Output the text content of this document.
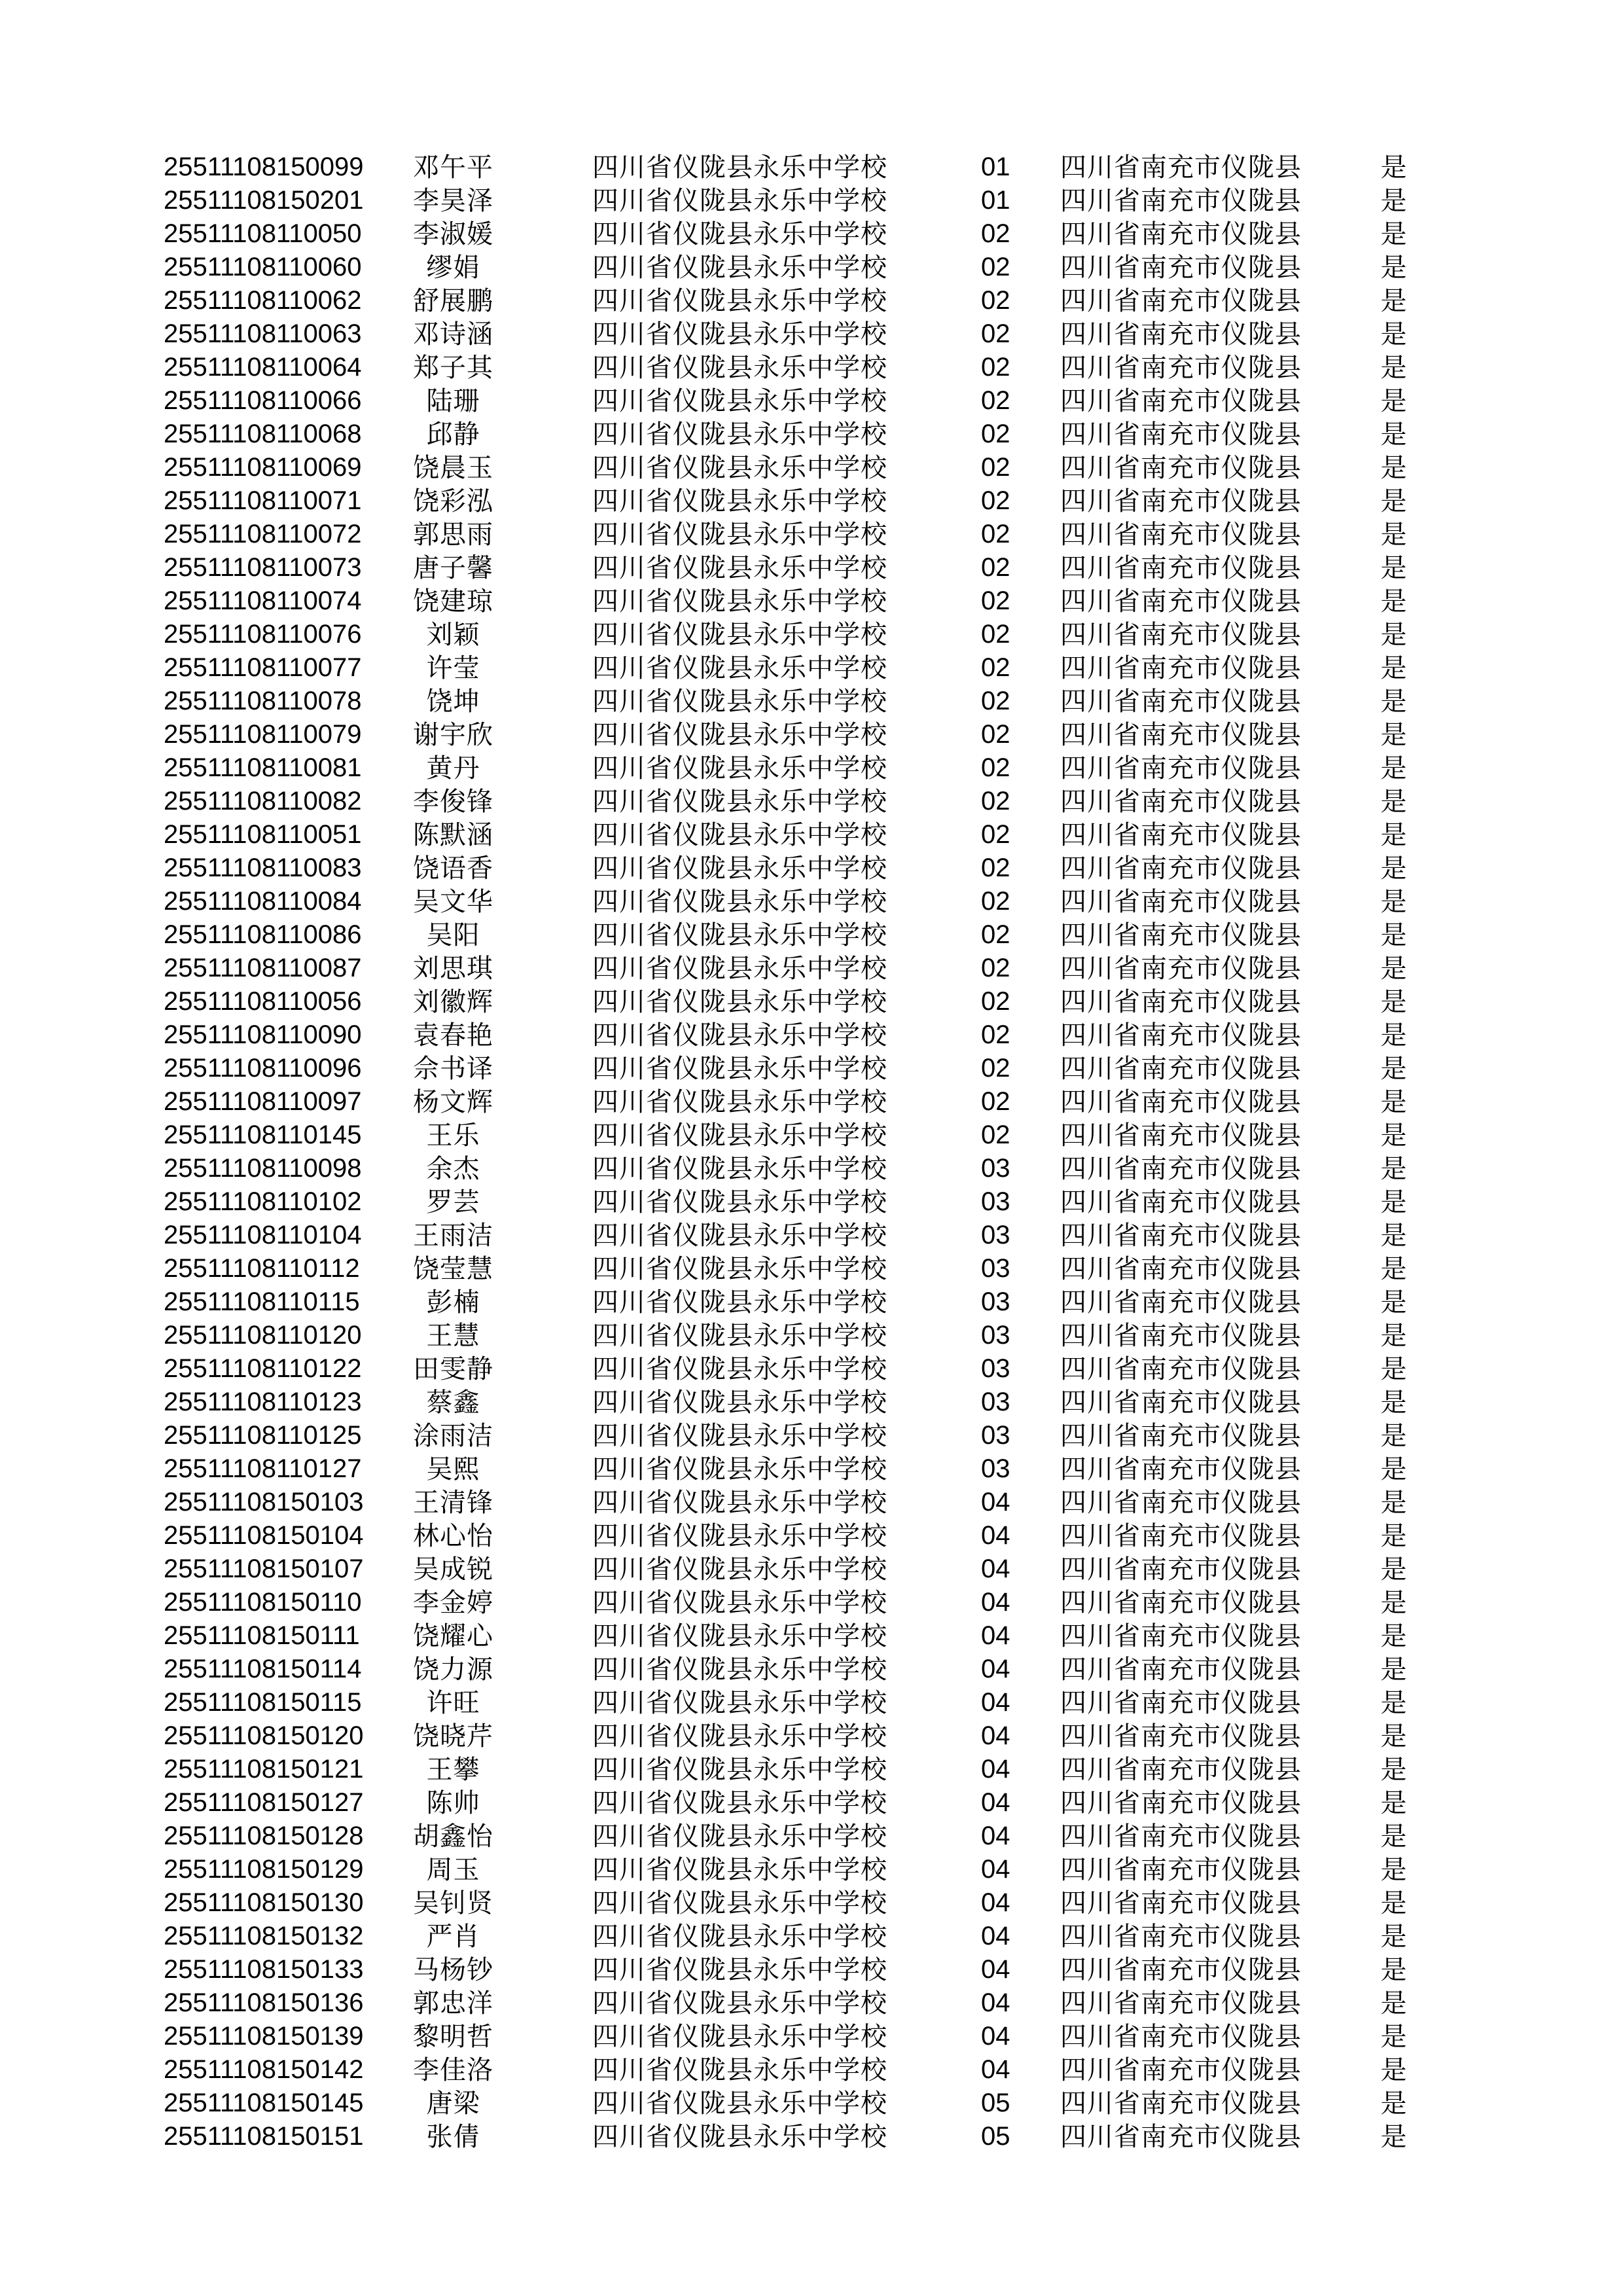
25511108150099	邓午平	四川省仪陇县永乐中学校	01 四川省南充市仪陇县	是
25511108150201	李昊泽	四川省仪陇县永乐中学校	01 四川省南充市仪陇县	是
25511108110050	李淑媛	四川省仪陇县永乐中学校	02 四川省南充市仪陇县	是
25511108110060	缪娟	四川省仪陇县永乐中学校	02 四川省南充市仪陇县	是
25511108110062	舒展鹏	四川省仪陇县永乐中学校	02 四川省南充市仪陇县	是
25511108110063	邓诗涵	四川省仪陇县永乐中学校	02 四川省南充市仪陇县	是
25511108110064	郑子其	四川省仪陇县永乐中学校	02 四川省南充市仪陇县	是
25511108110066	陆珊	四川省仪陇县永乐中学校	02 四川省南充市仪陇县	是
25511108110068	邱静	四川省仪陇县永乐中学校	02 四川省南充市仪陇县	是
25511108110069	饶晨玉	四川省仪陇县永乐中学校	02 四川省南充市仪陇县	是
25511108110071	饶彩泓	四川省仪陇县永乐中学校	02 四川省南充市仪陇县	是
25511108110072	郭思雨	四川省仪陇县永乐中学校	02 四川省南充市仪陇县	是
25511108110073	唐子馨	四川省仪陇县永乐中学校	02 四川省南充市仪陇县	是
25511108110074	饶建琼	四川省仪陇县永乐中学校	02 四川省南充市仪陇县	是
25511108110076	刘颖	四川省仪陇县永乐中学校	02 四川省南充市仪陇县	是
25511108110077	许莹	四川省仪陇县永乐中学校	02 四川省南充市仪陇县	是
25511108110078	饶坤	四川省仪陇县永乐中学校	02 四川省南充市仪陇县	是
25511108110079	谢宇欣	四川省仪陇县永乐中学校	02 四川省南充市仪陇县	是
25511108110081	黄丹	四川省仪陇县永乐中学校	02 四川省南充市仪陇县	是
25511108110082	李俊锋	四川省仪陇县永乐中学校	02 四川省南充市仪陇县	是
25511108110051	陈默涵	四川省仪陇县永乐中学校	02 四川省南充市仪陇县	是
25511108110083	饶语香	四川省仪陇县永乐中学校	02 四川省南充市仪陇县	是
25511108110084	吴文华	四川省仪陇县永乐中学校	02 四川省南充市仪陇县	是
25511108110086	吴阳	四川省仪陇县永乐中学校	02 四川省南充市仪陇县	是
25511108110087	刘思琪	四川省仪陇县永乐中学校	02 四川省南充市仪陇县	是
25511108110056	刘徽辉	四川省仪陇县永乐中学校	02 四川省南充市仪陇县	是
25511108110090	袁春艳	四川省仪陇县永乐中学校	02 四川省南充市仪陇县	是
25511108110096	佘书译	四川省仪陇县永乐中学校	02 四川省南充市仪陇县	是
25511108110097	杨文辉	四川省仪陇县永乐中学校	02 四川省南充市仪陇县	是
25511108110145	王乐	四川省仪陇县永乐中学校	02 四川省南充市仪陇县	是
25511108110098	余杰	四川省仪陇县永乐中学校	03 四川省南充市仪陇县	是
25511108110102	罗芸	四川省仪陇县永乐中学校	03 四川省南充市仪陇县	是
25511108110104	王雨洁	四川省仪陇县永乐中学校	03 四川省南充市仪陇县	是
25511108110112	饶莹慧	四川省仪陇县永乐中学校	03 四川省南充市仪陇县	是
25511108110115	彭楠	四川省仪陇县永乐中学校	03 四川省南充市仪陇县	是
25511108110120	王慧	四川省仪陇县永乐中学校	03 四川省南充市仪陇县	是
25511108110122	田雯静	四川省仪陇县永乐中学校	03 四川省南充市仪陇县	是
25511108110123	蔡鑫	四川省仪陇县永乐中学校	03 四川省南充市仪陇县	是
25511108110125	涂雨洁	四川省仪陇县永乐中学校	03 四川省南充市仪陇县	是
25511108110127	吴熙	四川省仪陇县永乐中学校	03 四川省南充市仪陇县	是
25511108150103	王清锋	四川省仪陇县永乐中学校	04 四川省南充市仪陇县	是
25511108150104	林心怡	四川省仪陇县永乐中学校	04 四川省南充市仪陇县	是
25511108150107	吴成锐	四川省仪陇县永乐中学校	04 四川省南充市仪陇县	是
25511108150110	李金婷	四川省仪陇县永乐中学校	04 四川省南充市仪陇县	是
25511108150111	饶耀心	四川省仪陇县永乐中学校	04 四川省南充市仪陇县	是
25511108150114	饶力源	四川省仪陇县永乐中学校	04 四川省南充市仪陇县	是
25511108150115	许旺	四川省仪陇县永乐中学校	04 四川省南充市仪陇县	是
25511108150120	饶晓芹	四川省仪陇县永乐中学校	04 四川省南充市仪陇县	是
25511108150121	王攀	四川省仪陇县永乐中学校	04 四川省南充市仪陇县	是
25511108150127	陈帅	四川省仪陇县永乐中学校	04 四川省南充市仪陇县	是
25511108150128	胡鑫怡	四川省仪陇县永乐中学校	04 四川省南充市仪陇县	是
25511108150129	周玉	四川省仪陇县永乐中学校	04 四川省南充市仪陇县	是
25511108150130	吴钊贤	四川省仪陇县永乐中学校	04 四川省南充市仪陇县	是
25511108150132	严肖	四川省仪陇县永乐中学校	04 四川省南充市仪陇县	是
25511108150133	马杨钞	四川省仪陇县永乐中学校	04 四川省南充市仪陇县	是
25511108150136	郭忠洋	四川省仪陇县永乐中学校	04 四川省南充市仪陇县	是
25511108150139	黎明哲	四川省仪陇县永乐中学校	04 四川省南充市仪陇县	是
25511108150142	李佳洛	四川省仪陇县永乐中学校	04 四川省南充市仪陇县	是
25511108150145	唐梁	四川省仪陇县永乐中学校	05 四川省南充市仪陇县	是
25511108150151	张倩	四川省仪陇县永乐中学校	05 四川省南充市仪陇县	是
